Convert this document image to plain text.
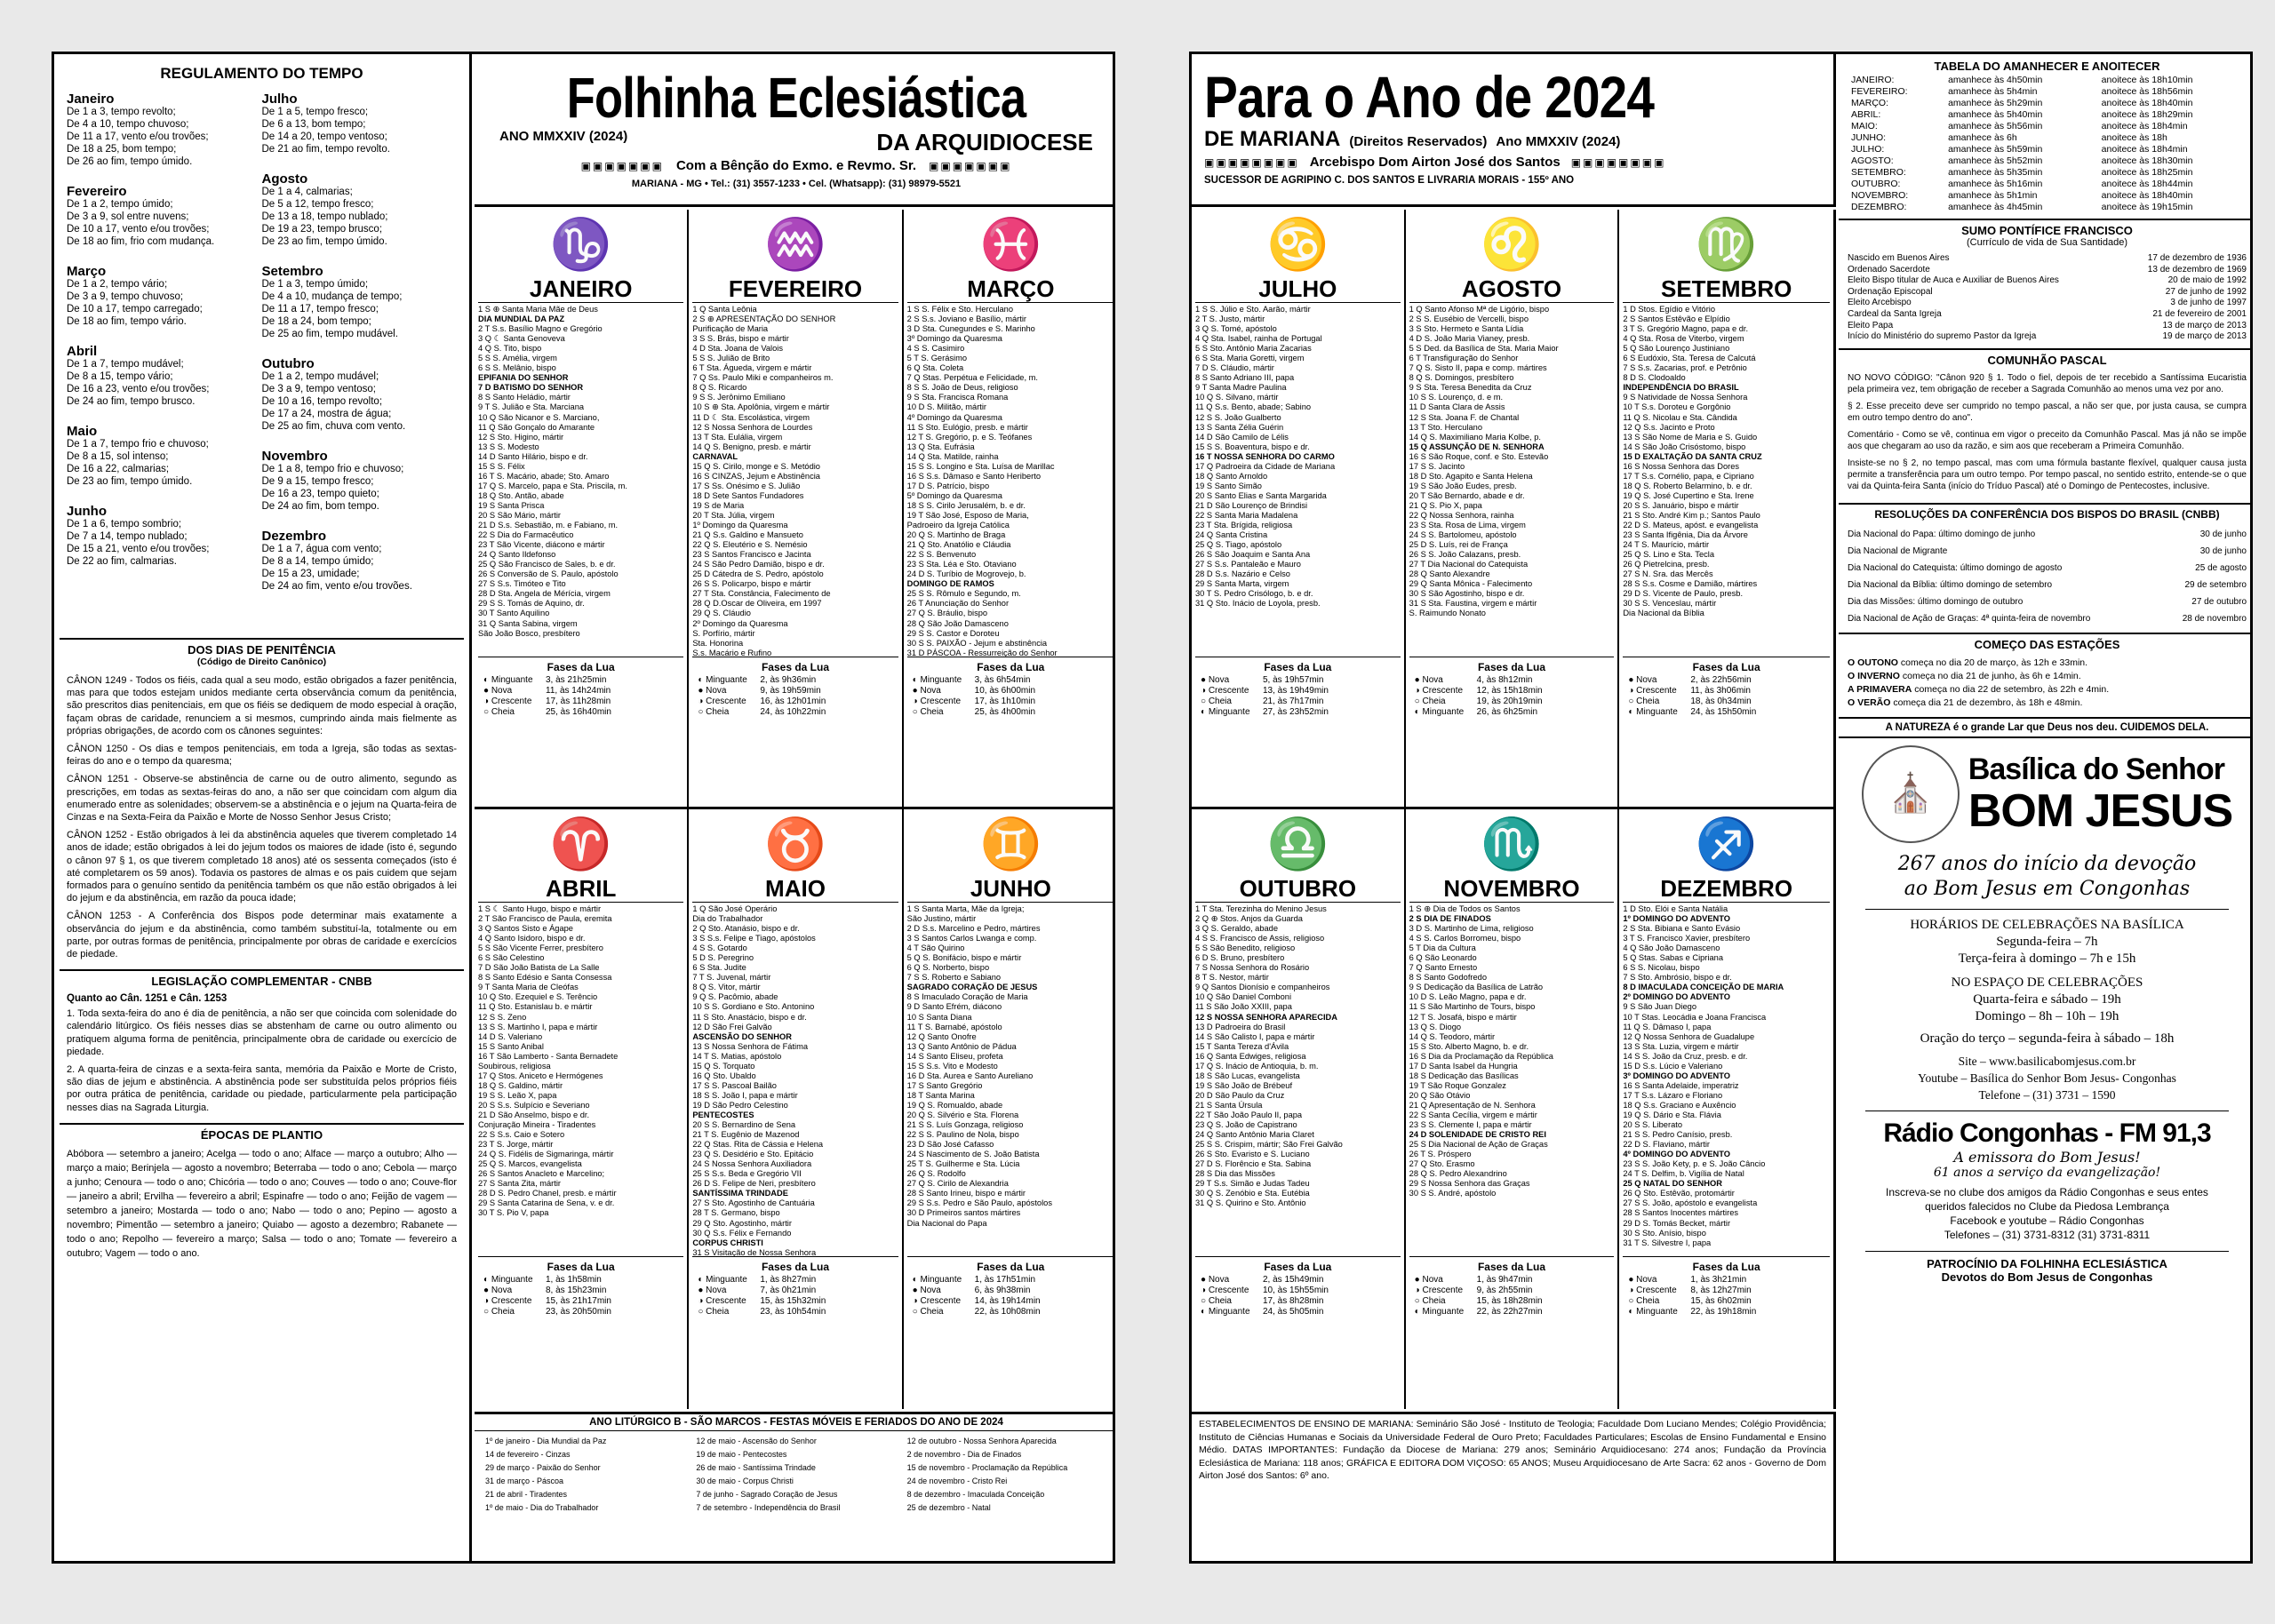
REGULAMENTO DO TEMPO
Janeiro
De 1 a 3, tempo revolto;
De 4 a 10, tempo chuvoso;
De 11 a 17, vento e/ou trovões;
De 18 a 25, bom tempo;
De 26 ao fim, tempo úmido.
Fevereiro
De 1 a 2, tempo úmido;
De 3 a 9, sol entre nuvens;
De 10 a 17, vento e/ou trovões;
De 18 ao fim, frio com mudança.
Março
De 1 a 2, tempo vário;
De 3 a 9, tempo chuvoso;
De 10 a 17, tempo carregado;
De 18 ao fim, tempo vário.
Abril
De 1 a 7, tempo mudável;
De 8 a 15, tempo vário;
De 16 a 23, vento e/ou trovões;
De 24 ao fim, tempo brusco.
Maio
De 1 a 7, tempo frio e chuvoso;
De 8 a 15, sol intenso;
De 16 a 22, calmarias;
De 23 ao fim, tempo úmido.
Junho
De 1 a 6, tempo sombrio;
De 7 a 14, tempo nublado;
De 15 a 21, vento e/ou trovões;
De 22 ao fim, calmarias.
Julho
De 1 a 5, tempo fresco;
De 6 a 13, bom tempo;
De 14 a 20, tempo ventoso;
De 21 ao fim, tempo revolto.
Agosto
De 1 a 4, calmarias;
De 5 a 12, tempo fresco;
De 13 a 18, tempo nublado;
De 19 a 23, tempo brusco;
De 23 ao fim, tempo úmido.
Setembro
De 1 a 3, tempo úmido;
De 4 a 10, mudança de tempo;
De 11 a 17, tempo fresco;
De 18 a 24, bom tempo;
De 25 ao fim, tempo mudável.
Outubro
De 1 a 2, tempo mudável;
De 3 a 9, tempo ventoso;
De 10 a 16, tempo revolto;
De 17 a 24, mostra de água;
De 25 ao fim, chuva com vento.
Novembro
De 1 a 8, tempo frio e chuvoso;
De 9 a 15, tempo fresco;
De 16 a 23, tempo quieto;
De 24 ao fim, bom tempo.
Dezembro
De 1 a 7, água com vento;
De 8 a 14, tempo úmido;
De 15 a 23, umidade;
De 24 ao fim, vento e/ou trovões.
DOS DIAS DE PENITÊNCIA
(Código de Direito Canônico)
CÂNON 1249 - Todos os fiéis, cada qual a seu modo, estão obrigados a fazer penitência, mas para que todos estejam unidos mediante certa observância comum da penitência, são prescritos dias penitenciais, em que os fiéis se dediquem de modo especial à oração, façam obras de caridade, renunciem a si mesmos, cumprindo ainda mais fielmente as próprias obrigações, de acordo com os cânones seguintes:
CÂNON 1250 - Os dias e tempos penitenciais, em toda a Igreja, são todas as sextas-feiras do ano e o tempo da quaresma;
CÂNON 1251 - Observe-se abstinência de carne ou de outro alimento, segundo as prescrições, em todas as sextas-feiras do ano, a não ser que coincidam com algum dia enumerado entre as solenidades; observem-se a abstinência e o jejum na Quarta-feira de Cinzas e na Sexta-Feira da Paixão e Morte de Nosso Senhor Jesus Cristo;
CÂNON 1252 - Estão obrigados à lei da abstinência aqueles que tiverem completado 14 anos de idade; estão obrigados à lei do jejum todos os maiores de idade (isto é, segundo o cânon 97 § 1, os que tiverem completado 18 anos) até os sessenta começados (isto é até completarem os 59 anos). Todavia os pastores de almas e os pais cuidem que sejam formados para o genuíno sentido da penitência também os que não estão obrigados à lei do jejum e da abstinência, em razão da pouca idade;
CÂNON 1253 - A Conferência dos Bispos pode determinar mais exatamente a observância do jejum e da abstinência, como também substituí-la, totalmente ou em parte, por outras formas de penitência, principalmente por obras de caridade e exercícios de piedade.
LEGISLAÇÃO COMPLEMENTAR - CNBB
Quanto ao Cân. 1251 e Cân. 1253
1. Toda sexta-feira do ano é dia de penitência, a não ser que coincida com solenidade do calendário litúrgico. Os fiéis nesses dias se abstenham de carne ou outro alimento ou pratiquem alguma forma de penitência, principalmente obra de caridade ou exercício de piedade.
2. A quarta-feira de cinzas e a sexta-feira santa, memória da Paixão e Morte de Cristo, são dias de jejum e abstinência. A abstinência pode ser substituída pelos próprios fiéis por outra prática de penitência, caridade ou piedade, particularmente pela participação nesses dias na Sagrada Liturgia.
ÉPOCAS DE PLANTIO
Abóbora — setembro a janeiro; Acelga — todo o ano; Alface — março a outubro; Alho — março a maio; Berinjela — agosto a novembro; Beterraba — todo o ano; Cebola — março a junho; Cenoura — todo o ano; Chicória — todo o ano; Couves — todo o ano; Couve-flor — janeiro a abril; Ervilha — fevereiro a abril; Espinafre — todo o ano; Feijão de vagem — setembro a janeiro; Mostarda — todo o ano; Nabo — todo o ano; Pepino — agosto a novembro; Pimentão — setembro a janeiro; Quiabo — agosto a dezembro; Rabanete — todo o ano; Repolho — fevereiro a março; Salsa — todo o ano; Tomate — fevereiro a outubro; Vagem — todo o ano.
Folhinha Eclesiástica
ANO MMXXIV (2024)	DA ARQUIDIOCESE
▣▣▣▣▣▣▣ Com a Bênção do Exmo. e Revmo. Sr. ▣▣▣▣▣▣▣
MARIANA - MG • Tel.: (31) 3557-1233 • Cel. (Whatsapp): (31) 98979-5521
♑
JANEIRO
1 S ⊕ Santa Maria Mãe de Deus
DIA MUNDIAL DA PAZ
2 T S.s. Basílio Magno e Gregório
3 Q ☾ Santa Genoveva
4 Q S. Tito, bispo
5 S S. Amélia, virgem
6 S S. Melânio, bispo
EPIFANIA DO SENHOR
7 D BATISMO DO SENHOR
8 S Santo Heládio, mártir
9 T S. Julião e Sta. Marciana
10 Q São Nicanor e S. Marciano,
11 Q São Gonçalo do Amarante
12 S Sto. Higino, mártir
13 S S. Modesto
14 D Santo Hilário, bispo e dr.
15 S S. Félix
16 T S. Macário, abade; Sto. Amaro
17 Q S. Marcelo, papa e Sta. Priscila, m.
18 Q Sto. Antão, abade
19 S Santa Prisca
20 S São Mário, mártir
21 D S.s. Sebastião, m. e Fabiano, m.
22 S Dia do Farmacêutico
23 T São Vicente, diácono e mártir
24 Q Santo Ildefonso
25 Q São Francisco de Sales, b. e dr.
26 S Conversão de S. Paulo, apóstolo
27 S S.s. Timóteo e Tito
28 D Sta. Angela de Mérícia, virgem
29 S S. Tomás de Aquino, dr.
30 T Santo Aquilino
31 Q Santa Sabina, virgem
São João Bosco, presbítero
Fases da Lua
◐ Minguante	3, às 21h25min
● Nova	11, às 14h24min
◑ Crescente	17, às 11h28min
○ Cheia	25, às 16h40min
♒
FEVEREIRO
1 Q Santa Leônia
2 S ⊕ APRESENTAÇÃO DO SENHOR
Purificação de Maria
3 S S. Brás, bispo e mártir
4 D Sta. Joana de Valois
5 S S. Julião de Brito
6 T Sta. Águeda, virgem e mártir
7 Q Ss. Paulo Miki e companheiros m.
8 Q S. Ricardo
9 S S. Jerônimo Emiliano
10 S ⊕ Sta. Apolônia, virgem e mártir
11 D ☾ Sta. Escolástica, virgem
12 S Nossa Senhora de Lourdes
13 T Sta. Eulália, virgem
14 Q S. Benigno, presb. e mártir
CARNAVAL
15 Q S. Cirilo, monge e S. Metódio
16 S CINZAS, Jejum e Abstinência
17 S Ss. Onésimo e S. Julião
18 D Sete Santos Fundadores
19 S de Maria
20 T Sta. Júlia, virgem
1º Domingo da Quaresma
21 Q S.s. Galdino e Mansueto
22 Q S. Eleutério e S. Nemésio
23 S Santos Francisco e Jacinta
24 S São Pedro Damião, bispo e dr.
25 D Cátedra de S. Pedro, apóstolo
26 S S. Policarpo, bispo e mártir
27 T Sta. Constância, Falecimento de
28 Q D.Oscar de Oliveira, em 1997
29 Q S. Cláudio
2º Domingo da Quaresma
S. Porfírio, mártir
Sta. Honorina
S.s. Macário e Rufino
Fases da Lua
◐ Minguante	2, às 9h36min
● Nova	9, às 19h59min
◑ Crescente	16, às 12h01min
○ Cheia	24, às 10h22min
♓
MARÇO
1 S S. Félix e Sto. Herculano
2 S S.s. Joviano e Basílio, mártir
3 D Sta. Cunegundes e S. Marinho
3º Domingo da Quaresma
4 S S. Casimiro
5 T S. Gerásimo
6 Q Sta. Coleta
7 Q Stas. Perpétua e Felicidade, m.
8 S S. João de Deus, religioso
9 S Sta. Francisca Romana
10 D S. Militão, mártir
4º Domingo da Quaresma
11 S Sto. Eulógio, presb. e mártir
12 T S. Gregório, p. e S. Teófanes
13 Q Sta. Eufrásia
14 Q Sta. Matilde, rainha
15 S S. Longino e Sta. Luísa de Marillac
16 S S.s. Dâmaso e Santo Heriberto
17 D S. Patrício, bispo
5º Domingo da Quaresma
18 S S. Cirilo Jerusalém, b. e dr.
19 T São José, Esposo de Maria,
Padroeiro da Igreja Católica
20 Q S. Martinho de Braga
21 Q Sto. Anatólio e Cláudia
22 S S. Benvenuto
23 S Sta. Léa e Sto. Otaviano
24 D S. Turíbio de Mogrovejo, b.
DOMINGO DE RAMOS
25 S S. Rômulo e Segundo, m.
26 T Anunciação do Senhor
27 Q S. Bráulio, bispo
28 Q São João Damasceno
29 S S. Castor e Doroteu
30 S S. PAIXÃO - Jejum e abstinência
31 D PÁSCOA - Ressurreição do Senhor
Fases da Lua
◐ Minguante	3, às 6h54min
● Nova	10, às 6h00min
◑ Crescente	17, às 1h10min
○ Cheia	25, às 4h00min
♈
ABRIL
1 S ☾ Santo Hugo, bispo e mártir
2 T São Francisco de Paula, eremita
3 Q Santos Sisto e Ágape
4 Q Santo Isidoro, bispo e dr.
5 S São Vicente Ferrer, presbítero
6 S São Celestino
7 D São João Batista de La Salle
8 S Santo Edésio e Santa Consessa
9 T Santa Maria de Cleófas
10 Q Sto. Ezequiel e S. Terêncio
11 Q Sto. Estanislau b. e mártir
12 S S. Zeno
13 S S. Martinho I, papa e mártir
14 D S. Valeriano
15 S Santo Anibal
16 T São Lamberto - Santa Bernadete
Soubirous, religiosa
17 Q Stos. Aniceto e Hermógenes
18 Q S. Galdino, mártir
19 S S. Leão X, papa
20 S S.s. Sulpício e Severiano
21 D São Anselmo, bispo e dr.
Conjuração Mineira - Tiradentes
22 S S.s. Caio e Sotero
23 T S. Jorge, mártir
24 Q S. Fidélis de Sigmaringa, mártir
25 Q S. Marcos, evangelista
26 S Santos Anacleto e Marcelino;
27 S Santa Zita, mártir
28 D S. Pedro Chanel, presb. e mártir
29 S Santa Catarina de Sena, v. e dr.
30 T S. Pio V, papa
Fases da Lua
◐ Minguante	1, às 1h58min
● Nova	8, às 15h23min
◑ Crescente	15, às 21h17min
○ Cheia	23, às 20h50min
♉
MAIO
1 Q São José Operário
Dia do Trabalhador
2 Q Sto. Atanásio, bispo e dr.
3 S S.s. Felipe e Tiago, apóstolos
4 S S. Gotardo
5 D S. Peregrino
6 S Sta. Judite
7 T S. Juvenal, mártir
8 Q S. Vitor, mártir
9 Q S. Pacômio, abade
10 S S. Gordiano e Sto. Antonino
11 S Sto. Anastácio, bispo e dr.
12 D São Frei Galvão
ASCENSÃO DO SENHOR
13 S Nossa Senhora de Fátima
14 T S. Matias, apóstolo
15 Q S. Torquato
16 Q Sto. Ubaldo
17 S S. Pascoal Bailão
18 S S. João I, papa e mártir
19 D São Pedro Celestino
PENTECOSTES
20 S S. Bernardino de Sena
21 T S. Eugênio de Mazenod
22 Q Stas. Rita de Cássia e Helena
23 Q S. Desidério e Sto. Epitácio
24 S Nossa Senhora Auxiliadora
25 S S.s. Beda e Gregório VII
26 D S. Felipe de Neri, presbítero
SANTÍSSIMA TRINDADE
27 S Sto. Agostinho de Cantuária
28 T S. Germano, bispo
29 Q Sto. Agostinho, mártir
30 Q S.s. Félix e Fernando
CORPUS CHRISTI
31 S Visitação de Nossa Senhora
Fases da Lua
◐ Minguante	1, às 8h27min
● Nova	7, às 0h21min
◑ Crescente	15, às 15h32min
○ Cheia	23, às 10h54min
♊
JUNHO
1 S Santa Marta, Mãe da Igreja;
São Justino, mártir
2 D S.s. Marcelino e Pedro, mártires
3 S Santos Carlos Lwanga e comp.
4 T São Quirino
5 Q S. Bonifácio, bispo e mártir
6 Q S. Norberto, bispo
7 S S. Roberto e Sabiano
SAGRADO CORAÇÃO DE JESUS
8 S Imaculado Coração de Maria
9 D Santo Efrém, diácono
10 S Santa Diana
11 T S. Barnabé, apóstolo
12 Q Santo Onofre
13 Q Santo Antônio de Pádua
14 S Santo Eliseu, profeta
15 S S.s. Vito e Modesto
16 D Sta. Aurea e Santo Aureliano
17 S Santo Gregório
18 T Santa Marina
19 Q S. Romualdo, abade
20 Q S. Silvério e Sta. Florena
21 S S. Luís Gonzaga, religioso
22 S S. Paulino de Nola, bispo
23 D São José Cafasso
24 S Nascimento de S. João Batista
25 T S. Guilherme e Sta. Lúcia
26 Q S. Rodolfo
27 Q S. Cirilo de Alexandria
28 S Santo Irineu, bispo e mártir
29 S S.s. Pedro e São Paulo, apóstolos
30 D Primeiros santos mártires
Dia Nacional do Papa
Fases da Lua
◐ Minguante	1, às 17h51min
● Nova	6, às 9h38min
◑ Crescente	14, às 19h14min
○ Cheia	22, às 10h08min
ANO LITÚRGICO B - SÃO MARCOS - FESTAS MÓVEIS E FERIADOS DO ANO DE 2024
1º de janeiro - Dia Mundial da Paz
14 de fevereiro - Cinzas
29 de março - Paixão do Senhor
31 de março - Páscoa
21 de abril - Tiradentes
1º de maio - Dia do Trabalhador
12 de maio - Ascensão do Senhor
19 de maio - Pentecostes
26 de maio - Santíssima Trindade
30 de maio - Corpus Christi
7 de junho - Sagrado Coração de Jesus
7 de setembro - Independência do Brasil
12 de outubro - Nossa Senhora Aparecida
2 de novembro - Dia de Finados
15 de novembro - Proclamação da República
24 de novembro - Cristo Rei
8 de dezembro - Imaculada Conceição
25 de dezembro - Natal
Para o Ano de 2024
DE MARIANA (Direitos Reservados) Ano MMXXIV (2024)
▣▣▣▣▣▣▣▣ Arcebispo Dom Airton José dos Santos ▣▣▣▣▣▣▣▣
SUCESSOR DE AGRIPINO C. DOS SANTOS E LIVRARIA MORAIS - 155º ANO
♋
JULHO
1 S S. Júlio e Sto. Aarão, mártir
2 T S. Justo, mártir
3 Q S. Tomé, apóstolo
4 Q Sta. Isabel, rainha de Portugal
5 S Sto. Antônio Maria Zacarias
6 S Sta. Maria Goretti, virgem
7 D S. Cláudio, mártir
8 S Santo Adriano III, papa
9 T Santa Madre Paulina
10 Q S. Silvano, mártir
11 Q S.s. Bento, abade; Sabino
12 S S. João Gualberto
13 S Santa Zélia Guérin
14 D São Camilo de Lélis
15 S S. Boaventura, bispo e dr.
16 T NOSSA SENHORA DO CARMO
17 Q Padroeira da Cidade de Mariana
18 Q Santo Arnoldo
19 S Santo Simão
20 S Santo Elias e Santa Margarida
21 D São Lourenço de Brindisi
22 S Santa Maria Madalena
23 T Sta. Brígida, religiosa
24 Q Santa Cristina
25 Q S. Tiago, apóstolo
26 S São Joaquim e Santa Ana
27 S S.s. Pantaleão e Mauro
28 D S.s. Nazário e Celso
29 S Santa Marta, virgem
30 T S. Pedro Crisólogo, b. e dr.
31 Q Sto. Inácio de Loyola, presb.
Fases da Lua
● Nova	5, às 19h57min
◑ Crescente	13, às 19h49min
○ Cheia	21, às 7h17min
◐ Minguante	27, às 23h52min
♌
AGOSTO
1 Q Santo Afonso Mª de Ligório, bispo
2 S S. Eusébio de Vercelli, bispo
3 S Sto. Hermeto e Santa Lídia
4 D S. João Maria Vianey, presb.
5 S Ded. da Basílica de Sta. Maria Maior
6 T Transfiguração do Senhor
7 Q S. Sisto II, papa e comp. mártires
8 Q S. Domingos, presbítero
9 S Sta. Teresa Benedita da Cruz
10 S S. Lourenço, d. e m.
11 D Santa Clara de Assis
12 S Sta. Joana F. de Chantal
13 T Sto. Herculano
14 Q S. Maximiliano Maria Kolbe, p.
15 Q ASSUNÇÃO DE N. SENHORA
16 S São Roque, conf. e Sto. Estevão
17 S S. Jacinto
18 D Sto. Agapito e Santa Helena
19 S São João Eudes, presb.
20 T São Bernardo, abade e dr.
21 Q S. Pio X, papa
22 Q Nossa Senhora, rainha
23 S Sta. Rosa de Lima, virgem
24 S S. Bartolomeu, apóstolo
25 D S. Luís, rei de França
26 S S. João Calazans, presb.
27 T Dia Nacional do Catequista
28 Q Santo Alexandre
29 Q Santa Mônica - Falecimento
30 S São Agostinho, bispo e dr.
31 S Sta. Faustina, virgem e mártir
S. Raimundo Nonato
Fases da Lua
● Nova	4, às 8h12min
◑ Crescente	12, às 15h18min
○ Cheia	19, às 20h19min
◐ Minguante	26, às 6h25min
♍
SETEMBRO
1 D Stos. Egídio e Vitório
2 S Santos Estêvão e Elpídio
3 T S. Gregório Magno, papa e dr.
4 Q Sta. Rosa de Viterbo, virgem
5 Q São Lourenço Justiniano
6 S Eudóxio, Sta. Teresa de Calcutá
7 S S.s. Zacarias, prof. e Petrônio
8 D S. Clodoaldo
INDEPENDÊNCIA DO BRASIL
9 S Natividade de Nossa Senhora
10 T S.s. Doroteu e Gorgônio
11 Q S. Nicolau e Sta. Cândida
12 Q S.s. Jacinto e Proto
13 S São Nome de Maria e S. Guido
14 S São João Crisóstomo, bispo
15 D EXALTAÇÃO DA SANTA CRUZ
16 S Nossa Senhora das Dores
17 T S.s. Cornélio, papa, e Cipriano
18 Q S. Roberto Belarmino, b. e dr.
19 Q S. José Cupertino e Sta. Irene
20 S S. Januário, bispo e mártir
21 S Sto. André Kim p.; Santos Paulo
22 D S. Mateus, apóst. e evangelista
23 S Santa Ifigênia, Dia da Árvore
24 T S. Maurício, mártir
25 Q S. Lino e Sta. Tecla
26 Q Pietrelcina, presb.
27 S N. Sra. das Mercês
28 S S.s. Cosme e Damião, mártires
29 D S. Vicente de Paulo, presb.
30 S S. Venceslau, mártir
Dia Nacional da Bíblia
Fases da Lua
● Nova	2, às 22h56min
◑ Crescente	11, às 3h06min
○ Cheia	18, às 0h34min
◐ Minguante	24, às 15h50min
♎
OUTUBRO
1 T Sta. Terezinha do Menino Jesus
2 Q ⊕ Stos. Anjos da Guarda
3 Q S. Geraldo, abade
4 S S. Francisco de Assis, religioso
5 S São Benedito, religioso
6 D S. Bruno, presbítero
7 S Nossa Senhora do Rosário
8 T S. Nestor, mártir
9 Q Santos Dionísio e companheiros
10 Q São Daniel Comboni
11 S São João XXIII, papa
12 S NOSSA SENHORA APARECIDA
13 D Padroeira do Brasil
14 S São Calisto I, papa e mártir
15 T Santa Tereza d'Ávila
16 Q Santa Edwiges, religiosa
17 Q S. Inácio de Antioquia, b. m.
18 S São Lucas, evangelista
19 S São João de Brébeuf
20 D São Paulo da Cruz
21 S Santa Úrsula
22 T São João Paulo II, papa
23 Q S. João de Capistrano
24 Q Santo Antônio Maria Claret
25 S S. Crispim, mártir; São Frei Galvão
26 S Sto. Evaristo e S. Luciano
27 D S. Florêncio e Sta. Sabina
28 S Dia das Missões
29 T S.s. Simão e Judas Tadeu
30 Q S. Zenóbio e Sta. Eutébia
31 Q S. Quirino e Sto. Antônio
Fases da Lua
● Nova	2, às 15h49min
◑ Crescente	10, às 15h55min
○ Cheia	17, às 8h28min
◐ Minguante	24, às 5h05min
♏
NOVEMBRO
1 S ⊕ Dia de Todos os Santos
2 S DIA DE FINADOS
3 D S. Martinho de Lima, religioso
4 S S. Carlos Borromeu, bispo
5 T Dia da Cultura
6 Q São Leonardo
7 Q Santo Ernesto
8 S Santo Godofredo
9 S Dedicação da Basílica de Latrão
10 D S. Leão Magno, papa e dr.
11 S São Martinho de Tours, bispo
12 T S. Josafá, bispo e mártir
13 Q S. Diogo
14 Q S. Teodoro, mártir
15 S Sto. Alberto Magno, b. e dr.
16 S Dia da Proclamação da República
17 D Santa Isabel da Hungria
18 S Dedicação das Basílicas
19 T São Roque Gonzalez
20 Q São Otávio
21 Q Apresentação de N. Senhora
22 S Santa Cecília, virgem e mártir
23 S S. Clemente I, papa e mártir
24 D SOLENIDADE DE CRISTO REI
25 S Dia Nacional de Ação de Graças
26 T S. Próspero
27 Q Sto. Erasmo
28 Q S. Pedro Alexandrino
29 S Nossa Senhora das Graças
30 S S. André, apóstolo
Fases da Lua
● Nova	1, às 9h47min
◑ Crescente	9, às 2h55min
○ Cheia	15, às 18h28min
◐ Minguante	22, às 22h27min
♐
DEZEMBRO
1 D Sto. Elói e Santa Natália
1º DOMINGO DO ADVENTO
2 S Sta. Bibiana e Santo Evásio
3 T S. Francisco Xavier, presbítero
4 Q São João Damasceno
5 Q Stas. Sabas e Cipriana
6 S S. Nicolau, bispo
7 S Sto. Ambrósio, bispo e dr.
8 D IMACULADA CONCEIÇÃO DE MARIA
2º DOMINGO DO ADVENTO
9 S São Juan Diego
10 T Stas. Leocádia e Joana Francisca
11 Q S. Dâmaso I, papa
12 Q Nossa Senhora de Guadalupe
13 S Sta. Luzia, virgem e mártir
14 S S. João da Cruz, presb. e dr.
15 D S.s. Lúcio e Valeriano
3º DOMINGO DO ADVENTO
16 S Santa Adelaide, imperatriz
17 T S.s. Lázaro e Floriano
18 Q S.s. Graciano e Auxêncio
19 Q S. Dário e Sta. Flávia
20 S S. Liberato
21 S S. Pedro Canísio, presb.
22 D S. Flaviano, mártir
4º DOMINGO DO ADVENTO
23 S S. João Kety, p. e S. João Câncio
24 T S. Delfim, b. Vigília de Natal
25 Q NATAL DO SENHOR
26 Q Sto. Estêvão, protomártir
27 S S. João, apóstolo e evangelista
28 S Santos Inocentes mártires
29 D S. Tomás Becket, mártir
30 S Sto. Anísio, bispo
31 T S. Silvestre I, papa
Fases da Lua
● Nova	1, às 3h21min
◑ Crescente	8, às 12h27min
○ Cheia	15, às 6h02min
◐ Minguante	22, às 19h18min
ESTABELECIMENTOS DE ENSINO DE MARIANA: Seminário São José - Instituto de Teologia; Faculdade Dom Luciano Mendes; Colégio Providência; Instituto de Ciências Humanas e Sociais da Universidade Federal de Ouro Preto; Faculdades Particulares; Escolas de Ensino Fundamental e Ensino Médio. DATAS IMPORTANTES: Fundação da Diocese de Mariana: 279 anos; Seminário Arquidiocesano: 274 anos; Fundação da Província Eclesiástica de Mariana: 118 anos; GRÁFICA E EDITORA DOM VIÇOSO: 65 ANOS; Museu Arquidiocesano de Arte Sacra: 62 anos - Governo de Dom Airton José dos Santos: 6º ano.
TABELA DO AMANHECER E ANOITECER
JANEIRO:	amanhece às 4h50min	anoitece às 18h10min
FEVEREIRO:	amanhece às 5h4min	anoitece às 18h56min
MARÇO:	amanhece às 5h29min	anoitece às 18h40min
ABRIL:	amanhece às 5h40min	anoitece às 18h29min
MAIO:	amanhece às 5h56min	anoitece às 18h4min
JUNHO:	amanhece às 6h	anoitece às 18h
JULHO:	amanhece às 5h59min	anoitece às 18h4min
AGOSTO:	amanhece às 5h52min	anoitece às 18h30min
SETEMBRO:	amanhece às 5h35min	anoitece às 18h25min
OUTUBRO:	amanhece às 5h16min	anoitece às 18h44min
NOVEMBRO:	amanhece às 5h1min	anoitece às 18h40min
DEZEMBRO:	amanhece às 4h45min	anoitece às 19h15min
SUMO PONTÍFICE FRANCISCO
(Currículo de vida de Sua Santidade)
Nascido em Buenos Aires	17 de dezembro de 1936
Ordenado Sacerdote	13 de dezembro de 1969
Eleito Bispo titular de Auca e Auxiliar de Buenos Aires	20 de maio de 1992
Ordenação Episcopal	27 de junho de 1992
Eleito Arcebispo	3 de junho de 1997
Cardeal da Santa Igreja	21 de fevereiro de 2001
Eleito Papa	13 de março de 2013
Início do Ministério do supremo Pastor da Igreja	19 de março de 2013
COMUNHÃO PASCAL
NO NOVO CÓDIGO: "Cânon 920 § 1. Todo o fiel, depois de ter recebido a Santíssima Eucaristia pela primeira vez, tem obrigação de receber a Sagrada Comunhão ao menos uma vez por ano.
§ 2. Esse preceito deve ser cumprido no tempo pascal, a não ser que, por justa causa, se cumpra em outro tempo dentro do ano".
Comentário - Como se vê, continua em vigor o preceito da Comunhão Pascal. Mas já não se impõe aos que chegaram ao uso da razão, e sim aos que receberam a Primeira Comunhão.
Insiste-se no § 2, no tempo pascal, mas com uma fórmula bastante flexível, qualquer causa justa permite a transferência para um outro tempo. Por tempo pascal, no sentido estrito, entende-se o que vai da Quinta-feira Santa (início do Tríduo Pascal) até o Domingo de Pentecostes, inclusive.
RESOLUÇÕES DA CONFERÊNCIA DOS BISPOS DO BRASIL (CNBB)
Dia Nacional do Papa: último domingo de junho	30 de junho
Dia Nacional de Migrante	30 de junho
Dia Nacional do Catequista: último domingo de agosto	25 de agosto
Dia Nacional da Bíblia: último domingo de setembro	29 de setembro
Dia das Missões: último domingo de outubro	27 de outubro
Dia Nacional de Ação de Graças: 4ª quinta-feira de novembro	28 de novembro
COMEÇO DAS ESTAÇÕES
O OUTONO começa no dia 20 de março, às 12h e 33min.
O INVERNO começa no dia 21 de junho, às 6h e 14min.
A PRIMAVERA começa no dia 22 de setembro, às 22h e 4min.
O VERÃO começa dia 21 de dezembro, às 18h e 48min.
A NATUREZA é o grande Lar que Deus nos deu. CUIDEMOS DELA.
⛪
Basílica do Senhor
BOM JESUS
267 anos do início da devoção
ao Bom Jesus em Congonhas
HORÁRIOS DE CELEBRAÇÕES NA BASÍLICA
Segunda-feira – 7h
Terça-feira à domingo – 7h e 15h
NO ESPAÇO DE CELEBRAÇÕES
Quarta-feira e sábado – 19h
Domingo – 8h – 10h – 19h
Oração do terço – segunda-feira à sábado – 18h
Site – www.basilicabomjesus.com.br
Youtube – Basílica do Senhor Bom Jesus- Congonhas
Telefone – (31) 3731 – 1590
Rádio Congonhas - FM 91,3
A emissora do Bom Jesus!
61 anos a serviço da evangelização!
Inscreva-se no clube dos amigos da Rádio Congonhas e seus entes
queridos falecidos no Clube da Piedosa Lembrança
Facebook e youtube – Rádio Congonhas
Telefones – (31) 3731-8312 (31) 3731-8311
PATROCÍNIO DA FOLHINHA ECLESIÁSTICA
Devotos do Bom Jesus de Congonhas
